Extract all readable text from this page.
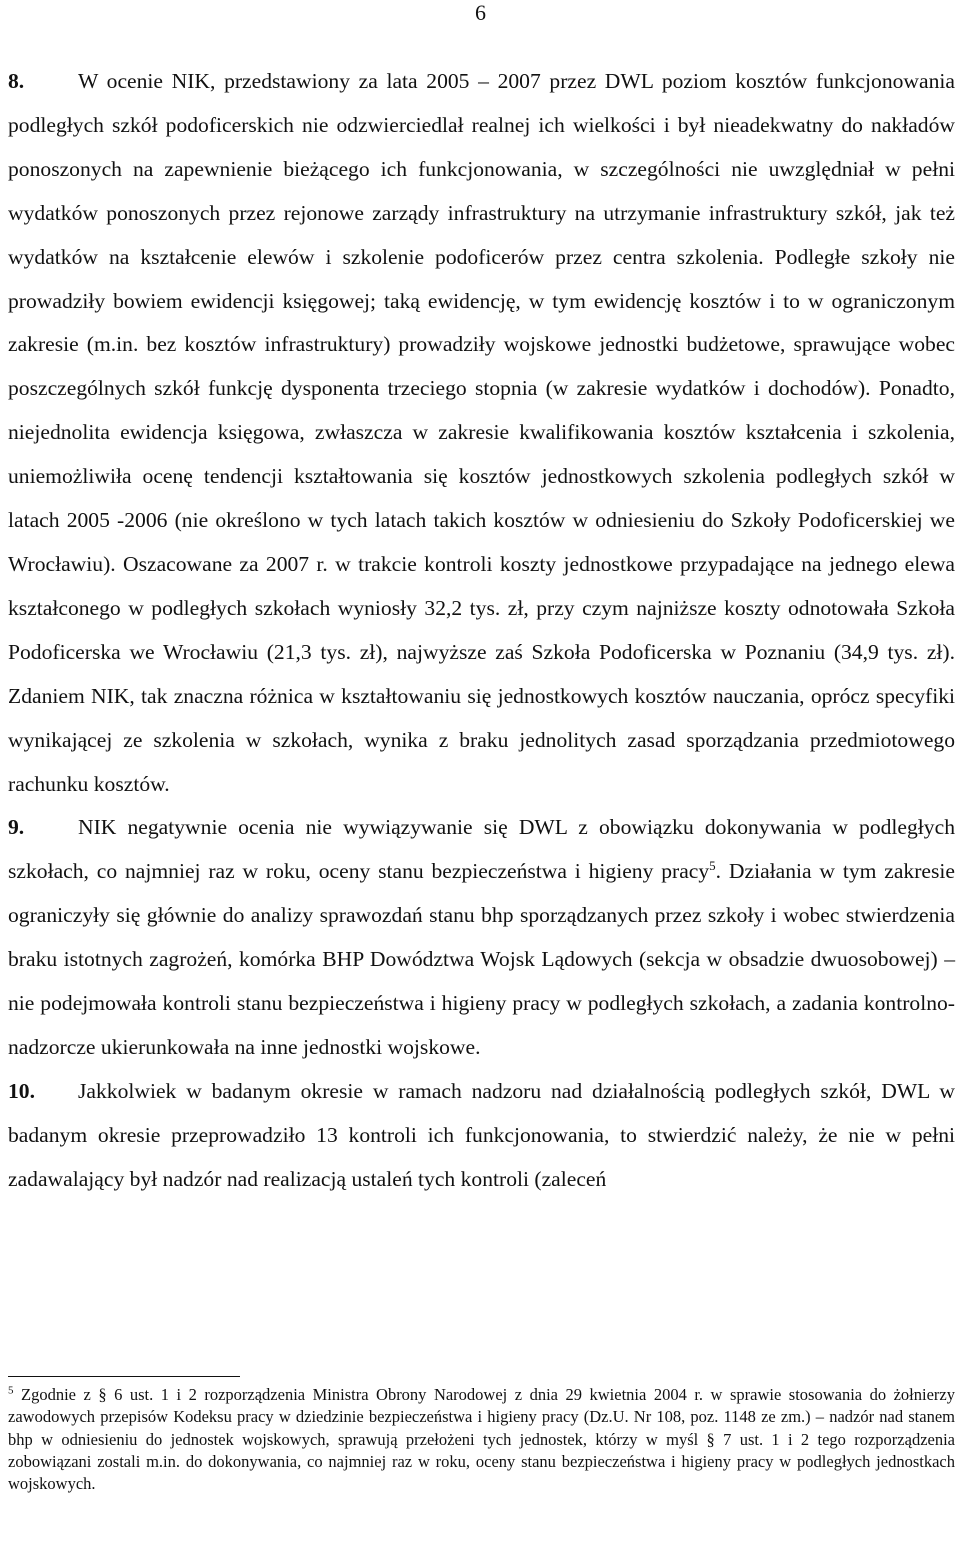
6

8. W ocenie NIK, przedstawiony za lata 2005 – 2007 przez DWL poziom kosztów funkcjonowania podległych szkół podoficerskich nie odzwierciedlał realnej ich wielkości i był nieadekwatny do nakładów ponoszonych na zapewnienie bieżącego ich funkcjonowania, w szczególności nie uwzględniał w pełni wydatków ponoszonych przez rejonowe zarządy infrastruktury na utrzymanie infrastruktury szkół, jak też wydatków na kształcenie elewów i szkolenie podoficerów przez centra szkolenia. Podległe szkoły nie prowadziły bowiem ewidencji księgowej; taką ewidencję, w tym ewidencję kosztów i to w ograniczonym zakresie (m.in. bez kosztów infrastruktury) prowadziły wojskowe jednostki budżetowe, sprawujące wobec poszczególnych szkół funkcję dysponenta trzeciego stopnia (w zakresie wydatków i dochodów). Ponadto, niejednolita ewidencja księgowa, zwłaszcza w zakresie kwalifikowania kosztów kształcenia i szkolenia, uniemożliwiła ocenę tendencji kształtowania się kosztów jednostkowych szkolenia podległych szkół w latach 2005 -2006 (nie określono w tych latach takich kosztów w odniesieniu do Szkoły Podoficerskiej we Wrocławiu). Oszacowane za 2007 r. w trakcie kontroli koszty jednostkowe przypadające na jednego elewa kształconego w podległych szkołach wyniosły 32,2 tys. zł, przy czym najniższe koszty odnotowała Szkoła Podoficerska we Wrocławiu (21,3 tys. zł), najwyższe zaś Szkoła Podoficerska w Poznaniu (34,9 tys. zł). Zdaniem NIK, tak znaczna różnica w kształtowaniu się jednostkowych kosztów nauczania, oprócz specyfiki wynikającej ze szkolenia w szkołach, wynika z braku jednolitych zasad sporządzania przedmiotowego rachunku kosztów.

9. NIK negatywnie ocenia nie wywiązywanie się DWL z obowiązku dokonywania w podległych szkołach, co najmniej raz w roku, oceny stanu bezpieczeństwa i higieny pracy$^5$. Działania w tym zakresie ograniczyły się głównie do analizy sprawozdań stanu bhp sporządzanych przez szkoły i wobec stwierdzenia braku istotnych zagrożeń, komórka BHP Dowództwa Wojsk Lądowych (sekcja w obsadzie dwuosobowej) – nie podejmowała kontroli stanu bezpieczeństwa i higieny pracy w podległych szkołach, a zadania kontrolno-nadzorcze ukierunkowała na inne jednostki wojskowe.

10. Jakkolwiek w badanym okresie w ramach nadzoru nad działalnością podległych szkół, DWL w badanym okresie przeprowadziło 13 kontroli ich funkcjonowania, to stwierdzić należy, że nie w pełni zadawalający był nadzór nad realizacją ustaleń tych kontroli (zaleceń

$^5$ Zgodnie z § 6 ust. 1 i 2 rozporządzenia Ministra Obrony Narodowej z dnia 29 kwietnia 2004 r. w sprawie stosowania do żołnierzy zawodowych przepisów Kodeksu pracy w dziedzinie bezpieczeństwa i higieny pracy (Dz.U. Nr 108, poz. 1148 ze zm.) – nadzór nad stanem bhp w odniesieniu do jednostek wojskowych, sprawują przełożeni tych jednostek, którzy w myśl § 7 ust. 1 i 2 tego rozporządzenia zobowiązani zostali m.in. do dokonywania, co najmniej raz w roku, oceny stanu bezpieczeństwa i higieny pracy w podległych jednostkach wojskowych.
